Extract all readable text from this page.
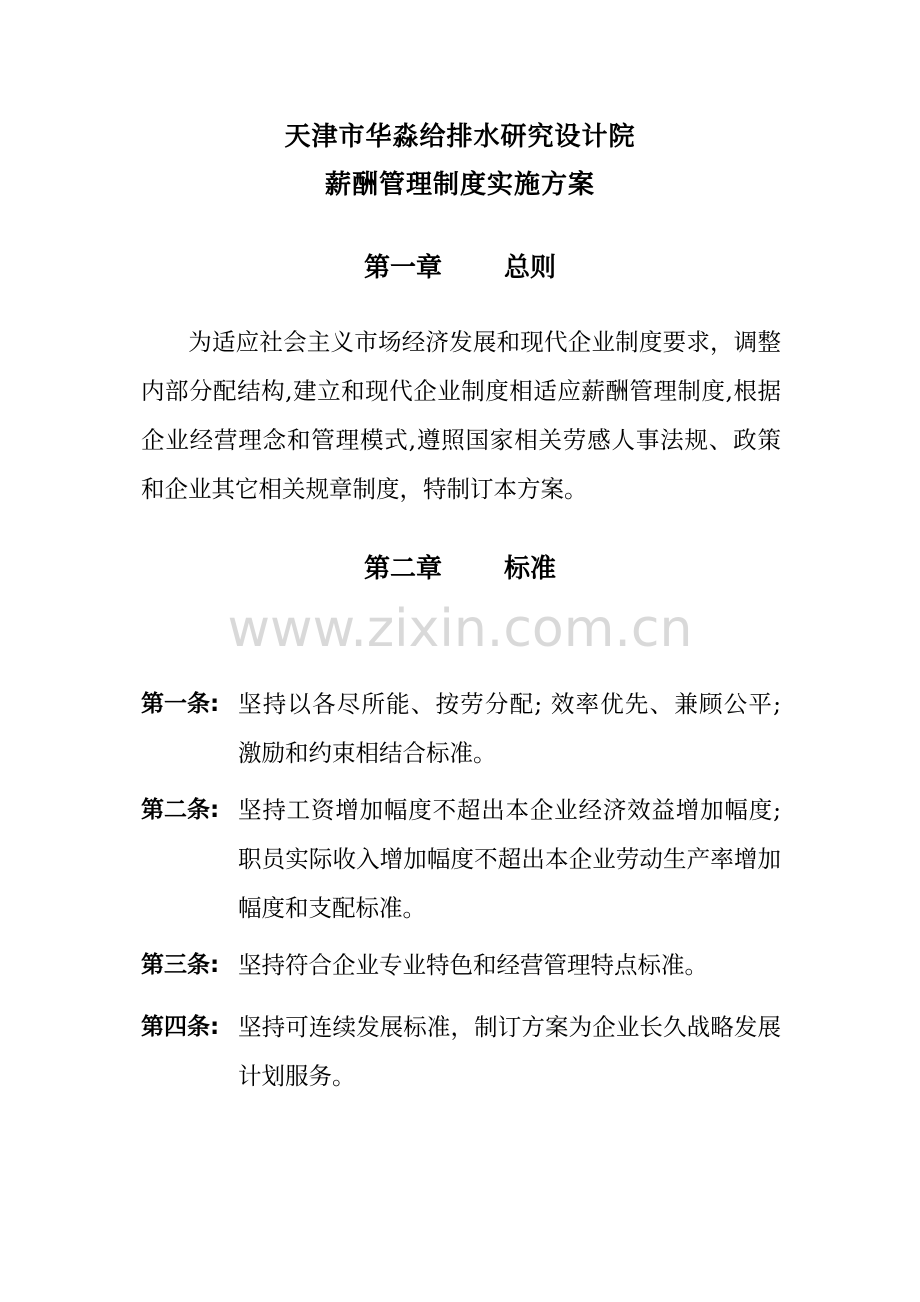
天津市华淼给排水研究设计院
薪酬管理制度实施方案
第一章 总则

为适应社会主义市场经济发展和现代企业制度要求，调整内部分配结构,建立和现代企业制度相适应薪酬管理制度,根据企业经营理念和管理模式,遵照国家相关劳感人事法规、政策和企业其它相关规章制度，特制订本方案。

第二章 标准
www.zixin.com.cn
第一条: 坚持以各尽所能、按劳分配; 效率优先、兼顾公平; 激励和约束相结合标准。
第二条: 坚持工资增加幅度不超出本企业经济效益增加幅度; 职员实际收入增加幅度不超出本企业劳动生产率增加幅度和支配标准。
第三条: 坚持符合企业专业特色和经营管理特点标准。
第四条: 坚持可连续发展标准，制订方案为企业长久战略发展计划服务。
